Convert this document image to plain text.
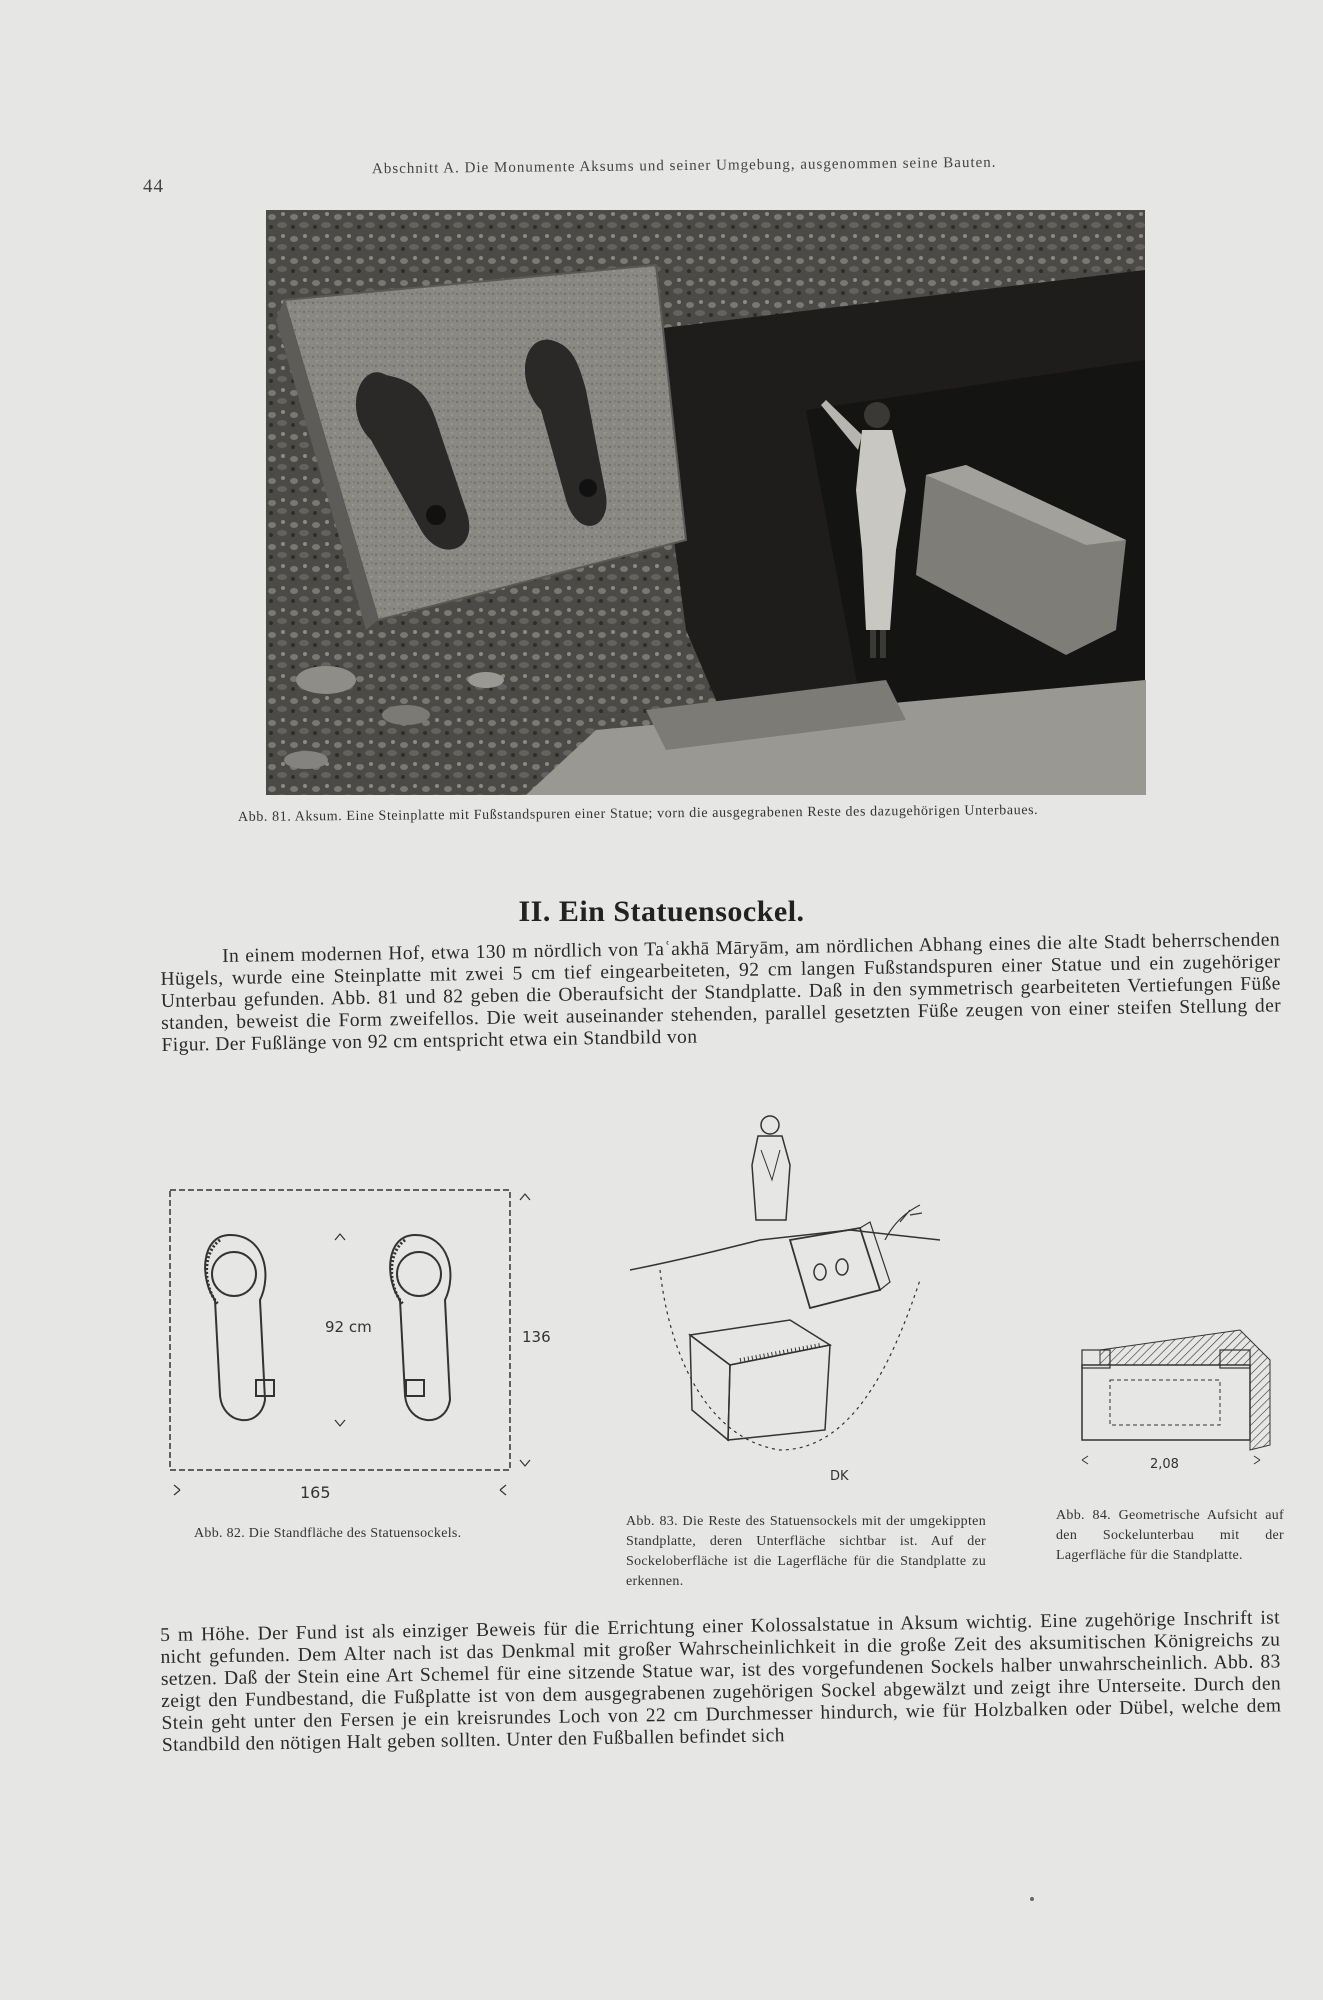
44
Abschnitt A. Die Monumente Aksums und seiner Umgebung, ausgenommen seine Bauten.
Abb. 81. Aksum. Eine Steinplatte mit Fußstandspuren einer Statue; vorn die ausgegrabenen Reste des dazugehörigen Unterbaues.
II. Ein Statuensockel.

In einem modernen Hof, etwa 130 m nördlich von Taʿakhā Māryām, am nördlichen Abhang eines die alte Stadt beherrschenden Hügels, wurde eine Steinplatte mit zwei 5 cm tief eingearbeiteten, 92 cm langen Fußstandspuren einer Statue und ein zugehöriger Unterbau gefunden. Abb. 81 und 82 geben die Oberaufsicht der Standplatte. Daß in den symmetrisch gearbeiteten Vertiefungen Füße standen, beweist die Form zweifellos. Die weit auseinander stehenden, parallel gesetzten Füße zeugen von einer steifen Stellung der Figur. Der Fußlänge von 92 cm entspricht etwa ein Standbild von

92 cm
136
165
Abb. 82. Die Standfläche des Statuensockels.
DK
Abb. 83. Die Reste des Statuensockels mit der umgekippten Standplatte, deren Unterfläche sichtbar ist. Auf der Sockeloberfläche ist die Lagerfläche für die Standplatte zu erkennen.
2,08
Abb. 84. Geometrische Aufsicht auf den Sockelunterbau mit der Lagerfläche für die Standplatte.

5 m Höhe. Der Fund ist als einziger Beweis für die Errichtung einer Kolossalstatue in Aksum wichtig. Eine zugehörige Inschrift ist nicht gefunden. Dem Alter nach ist das Denkmal mit großer Wahrscheinlichkeit in die große Zeit des aksumitischen Königreichs zu setzen. Daß der Stein eine Art Schemel für eine sitzende Statue war, ist des vorgefundenen Sockels halber unwahrscheinlich. Abb. 83 zeigt den Fundbestand, die Fußplatte ist von dem ausgegrabenen zugehörigen Sockel abgewälzt und zeigt ihre Unterseite. Durch den Stein geht unter den Fersen je ein kreisrundes Loch von 22 cm Durchmesser hindurch, wie für Holzbalken oder Dübel, welche dem Standbild den nötigen Halt geben sollten. Unter den Fußballen befindet sich
